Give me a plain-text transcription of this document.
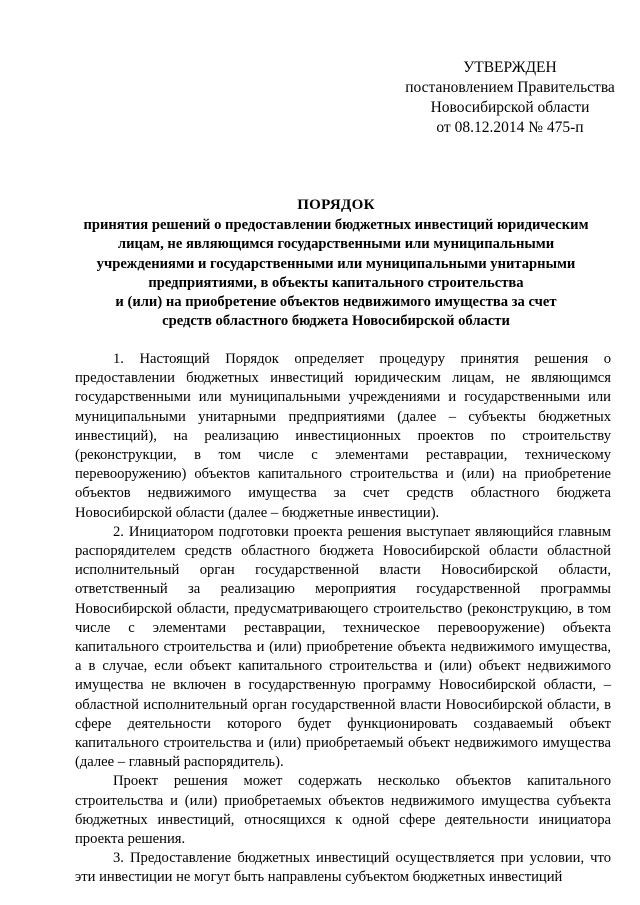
УТВЕРЖДЕН
постановлением Правительства
Новосибирской области
от 08.12.2014 № 475-п
ПОРЯДОК
принятия решений о предоставлении бюджетных инвестиций юридическим
лицам, не являющимся государственными или муниципальными
учреждениями и государственными или муниципальными унитарными
предприятиями, в объекты капитального строительства
и (или) на приобретение объектов недвижимого имущества за счет
средств областного бюджета Новосибирской области

1. Настоящий Порядок определяет процедуру принятия решения о предоставлении бюджетных инвестиций юридическим лицам, не являющимся государственными или муниципальными учреждениями и государственными или муниципальными унитарными предприятиями (далее – субъекты бюджетных инвестиций), на реализацию инвестиционных проектов по строительству (реконструкции, в том числе с элементами реставрации, техническому перевооружению) объектов капитального строительства и (или) на приобретение объектов недвижимого имущества за счет средств областного бюджета Новосибирской области (далее – бюджетные инвестиции).

2. Инициатором подготовки проекта решения выступает являющийся главным распорядителем средств областного бюджета Новосибирской области областной исполнительный орган государственной власти Новосибирской области, ответственный за реализацию мероприятия государственной программы Новосибирской области, предусматривающего строительство (реконструкцию, в том числе с элементами реставрации, техническое перевооружение) объекта капитального строительства и (или) приобретение объекта недвижимого имущества, а в случае, если объект капитального строительства и (или) объект недвижимого имущества не включен в государственную программу Новосибирской области, – областной исполнительный орган государственной власти Новосибирской области, в сфере деятельности которого будет функционировать создаваемый объект капитального строительства и (или) приобретаемый объект недвижимого имущества (далее – главный распорядитель).

Проект решения может содержать несколько объектов капитального строительства и (или) приобретаемых объектов недвижимого имущества субъекта бюджетных инвестиций, относящихся к одной сфере деятельности инициатора проекта решения.

3. Предоставление бюджетных инвестиций осуществляется при условии, что эти инвестиции не могут быть направлены субъектом бюджетных инвестиций
